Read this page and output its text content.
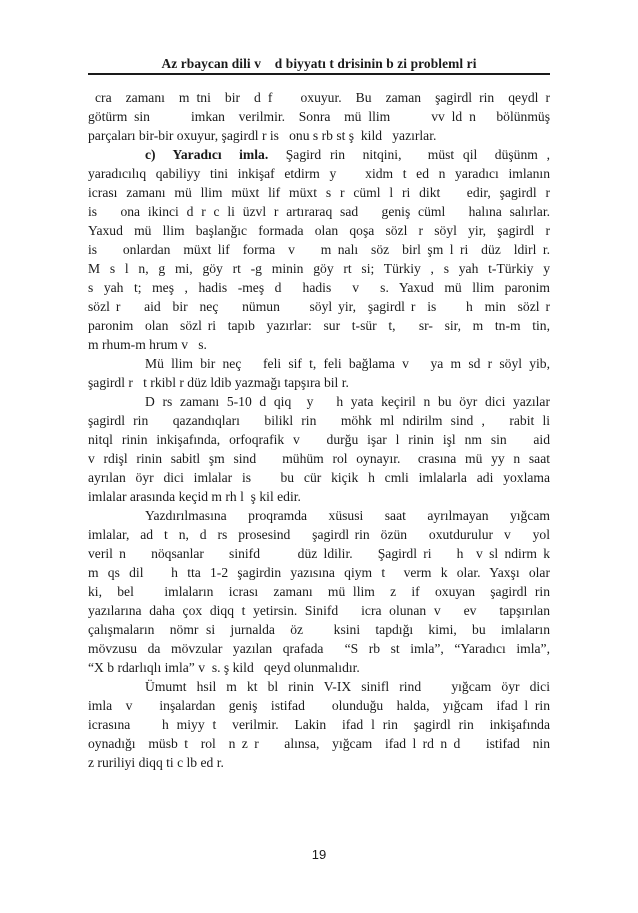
Az rbaycan dili v    d biyyatı t drisinin b zi probleml ri
cra  zamanı  m tni  bir  d f    oxuyur.  Bu  zaman  şagirdl rin  qeydl r
götürm sin      imkan  verilmir.  Sonra  mü llim      vv ld n   bölünmüş
parçaları bir-bir oxuyur, şagirdl r is   onu s rb st ş  kild   yazırlar.
c)  Yaradıcı  imla.  Şagird rin  nitqini,   müst qil  düşünm ,
yaradıcılıq qabiliyy tini inkişaf etdirm y   xidm t ed n yaradıcı imlanın
icrası zamanı mü llim müxt lif müxt s r cüml l ri dikt   edir, şagirdl r
is   ona ikinci d r c li üzvl r artıraraq sad   geniş cüml   halına salırlar.
Yaxud mü llim başlanğıc formada olan qoşa sözl r söyl yir, şagirdl r
is    onlardan  müxt lif  forma  v    m nalı  söz  birl şm l ri  düz  ldirl r.
M  s  l  n,  g  mi,  göy  rt  -g  minin  göy  rt  si;  Türkiy  ,  s  yah  t-Türkiy  y
s  yah  t;  meş  ,  hadis  -meş  d    hadis    v    s.  Yaxud  mü  llim  paronim
sözl r    aid  bir  neç    nümun     söyl yir,  şagirdl r  is     h  min  sözl r
paronim  olan  sözl ri  tapıb  yazırlar:  sur  t-sür  t,    sr-  sir,  m  tn-m  tin,
m rhum-m hrum v   s.
Mü llim bir neç   feli sif t, feli bağlama v   ya m sd r söyl yib,
şagirdl r   t rkibl r düz ldib yazmağı tapşıra bil r.
D rs zamanı 5-10 d qiq  y   h yata keçiril n bu öyr dici yazılar
şagirdl rin   qazandıqları   bilikl rin   möhk ml ndirilm sind ,   rabit li
nitql rinin inkişafında, orfoqrafik v   durğu işar l rinin işl nm sin   aid
v rdişl rinin sabitl şm sind   mühüm rol oynayır.  crasına mü yy n saat
ayrılan öyr dici imlalar is   bu cür kiçik h cmli imlalarla adi yoxlama
imlalar arasında keçid m rh l  ş kil edir.
Yazdırılmasına  proqramda  xüsusi  saat  ayrılmayan  yığcam
imlalar,  ad  t  n,  d  rs  prosesind    şagirdl rin  özün    oxutdurulur  v    yol
veril n    nöqsanlar    sinifd      düz ldilir.    Şagirdl ri    h  v sl ndirm k
m qs dil   h tta 1-2 şagirdin yazısına qiym t  verm k olar. Yaxşı olar
ki,  bel    imlaların  icrası  zamanı  mü llim  z  if  oxuyan  şagirdl rin
yazılarına daha çox diqq t yetirsin. Sinifd   icra olunan v   ev   tapşırılan
çalışmaların  nömr si  jurnalda  öz    ksini  tapdığı  kimi,  bu  imlaların
mövzusu da mövzular yazılan qrafada  “S rb st imla”, “Yaradıcı imla”,
“X b rdarlıqlı imla” v  s. ş kild   qeyd olunmalıdır.
Ümumt hsil m kt bl rinin V-IX sinifl rind   yığcam öyr dici
imla  v    inşalardan  geniş  istifad    olunduğu  halda,  yığcam  ifad l rin
icrasına    h miyy t  verilmir.  Lakin  ifad l rin  şagirdl rin  inkişafında
oynadığı  müsb t  rol  n z r    alınsa,  yığcam  ifad l rd n d    istifad  nin
z ruriliyi diqq ti c lb ed r.
19
